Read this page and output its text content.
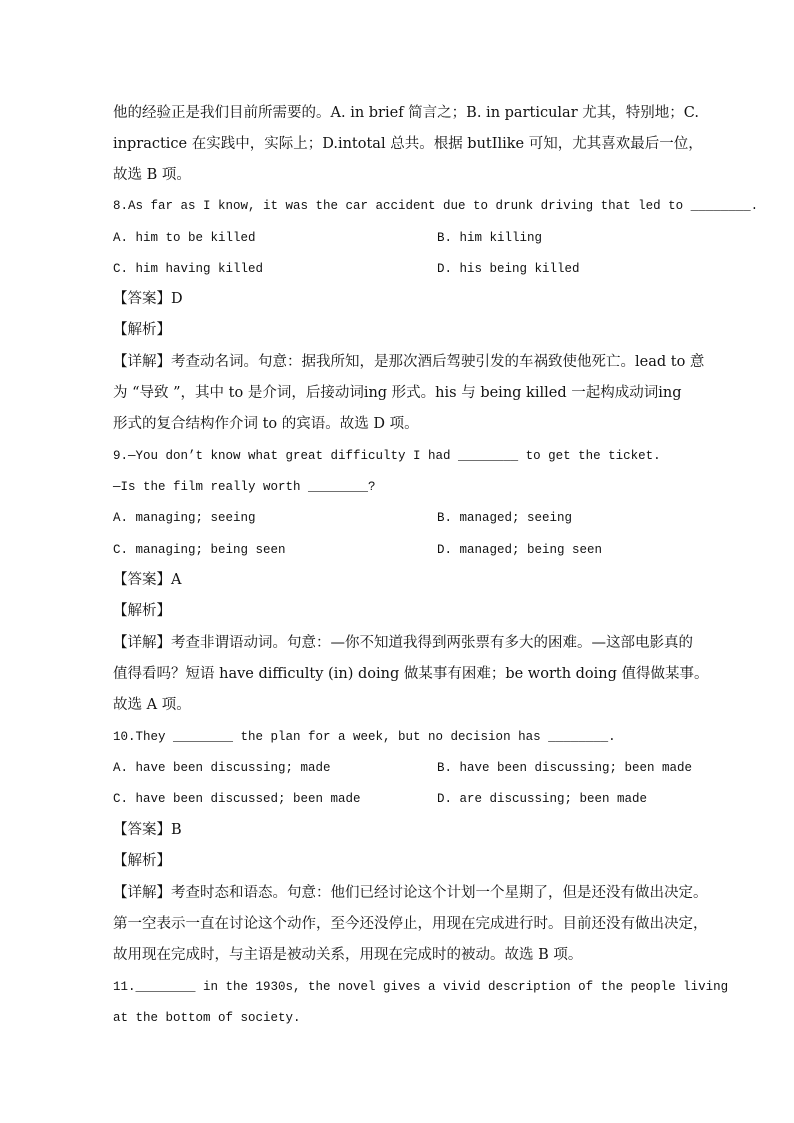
他的经验正是我们目前所需要的。A. in brief 简言之；B. in particular 尤其，特别地；C.
inpractice 在实践中，实际上；D.intotal 总共。根据 butIlike 可知，尤其喜欢最后一位，
故选 B 项。
8.As far as I know, it was the car accident due to drunk driving that led to ________.
A. him to be killed	B. him killing
C. him having killed	D. his being killed
【答案】D
【解析】
【详解】考查动名词。句意：据我所知，是那次酒后驾驶引发的车祸致使他死亡。lead to 意
为 “导致 ”，其中 to 是介词，后接动词ing 形式。his 与 being killed 一起构成动词ing
形式的复合结构作介词 to 的宾语。故选 D 项。
9.—You don’t know what great difficulty I had ________ to get the ticket.
—Is the film really worth ________?
A. managing; seeing	B. managed; seeing
C. managing; being seen	D. managed; being seen
【答案】A
【解析】
【详解】考查非谓语动词。句意：—你不知道我得到两张票有多大的困难。—这部电影真的
值得看吗？短语 have difficulty (in) doing 做某事有困难；be worth doing 值得做某事。
故选 A 项。
10.They ________ the plan for a week, but no decision has ________.
A. have been discussing; made	B. have been discussing; been made
C. have been discussed; been made	D. are discussing; been made
【答案】B
【解析】
【详解】考查时态和语态。句意：他们已经讨论这个计划一个星期了，但是还没有做出决定。
第一空表示一直在讨论这个动作，至今还没停止，用现在完成进行时。目前还没有做出决定，
故用现在完成时，与主语是被动关系，用现在完成时的被动。故选 B 项。
11.________ in the 1930s, the novel gives a vivid description of the people living
at the bottom of society.
